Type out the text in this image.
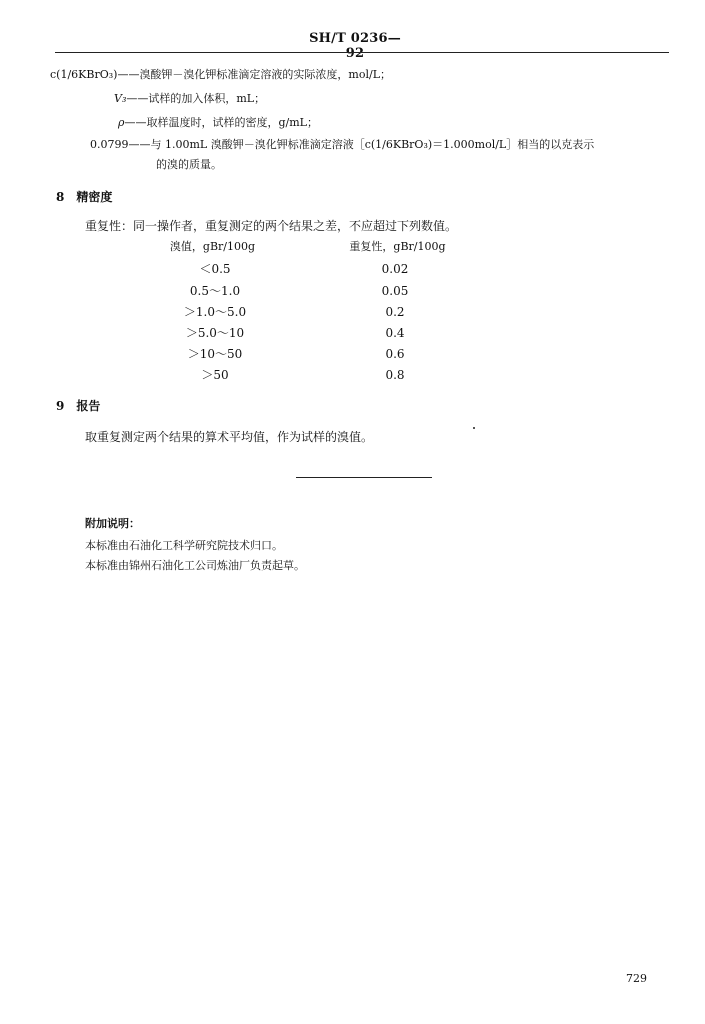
SH/T 0236—92
c(1/6KBrO₃)——溴酸钾－溴化钾标准滴定溶液的实际浓度，mol/L；
V₃——试样的加入体积，mL；
ρ——取样温度时，试样的密度，g/mL；
0.0799——与 1.00mL 溴酸钾－溴化钾标准滴定溶液［c(1/6KBrO₃)＝1.000mol/L］相当的以克表示
的溴的质量。
8 精密度
重复性：同一操作者，重复测定的两个结果之差，不应超过下列数值。
溴值，gBr/100g	重复性，gBr/100g
＜0.5	0.02
0.5～1.0	0.05
＞1.0～5.0	0.2
＞5.0～10	0.4
＞10～50	0.6
＞50	0.8
9 报告
取重复测定两个结果的算术平均值，作为试样的溴值。
附加说明：
本标准由石油化工科学研究院技术归口。
本标准由锦州石油化工公司炼油厂负责起草。
729
